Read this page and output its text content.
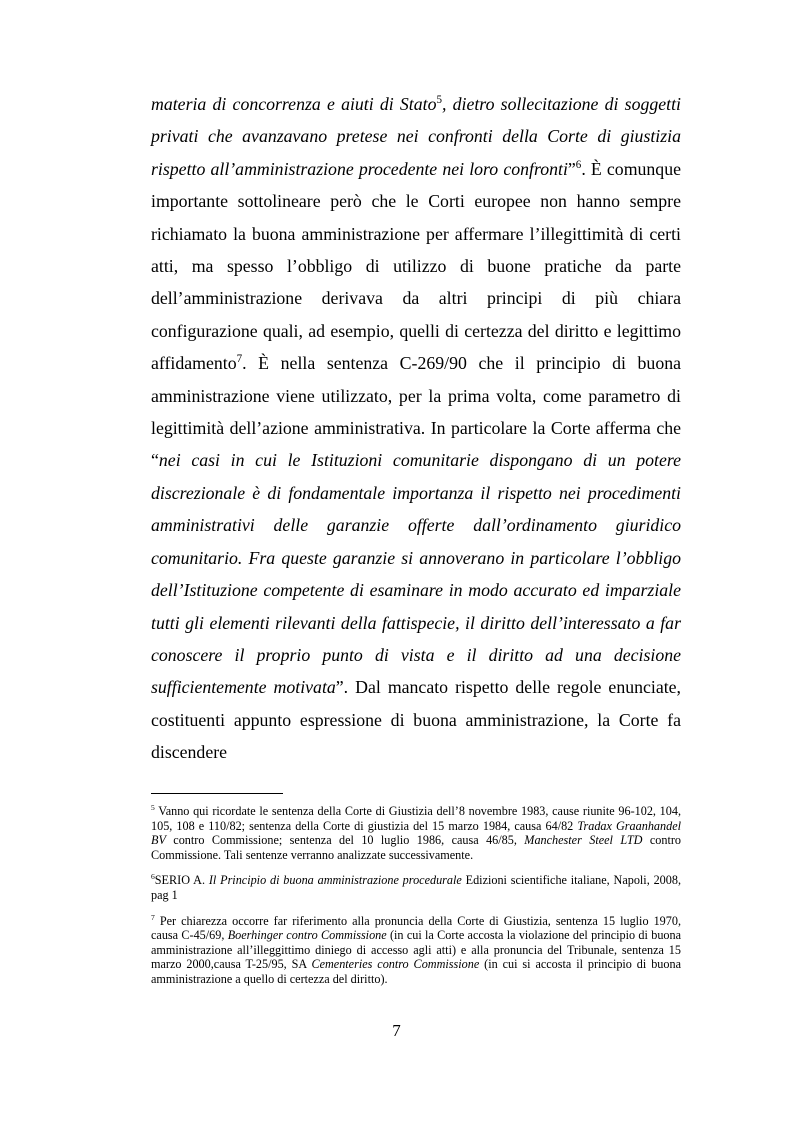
materia di concorrenza e aiuti di Stato$^5$, dietro sollecitazione di soggetti privati che avanzavano pretese nei confronti della Corte di giustizia rispetto all’amministrazione procedente nei loro confronti”$^6$. È comunque importante sottolineare però che le Corti europee non hanno sempre richiamato la buona amministrazione per affermare l’illegittimità di certi atti, ma spesso l’obbligo di utilizzo di buone pratiche da parte dell’amministrazione derivava da altri principi di più chiara configurazione quali, ad esempio, quelli di certezza del diritto e legittimo affidamento$^7$. È nella sentenza C-269/90 che il principio di buona amministrazione viene utilizzato, per la prima volta, come parametro di legittimità dell’azione amministrativa. In particolare la Corte afferma che “nei casi in cui le Istituzioni comunitarie dispongano di un potere discrezionale è di fondamentale importanza il rispetto nei procedimenti amministrativi delle garanzie offerte dall’ordinamento giuridico comunitario. Fra queste garanzie si annoverano in particolare l’obbligo dell’Istituzione competente di esaminare in modo accurato ed imparziale tutti gli elementi rilevanti della fattispecie, il diritto dell’interessato a far conoscere il proprio punto di vista e il diritto ad una decisione sufficientemente motivata”. Dal mancato rispetto delle regole enunciate, costituenti appunto espressione di buona amministrazione, la Corte fa discendere

$^5$ Vanno qui ricordate le sentenza della Corte di Giustizia dell’8 novembre 1983, cause riunite 96-102, 104, 105, 108 e 110/82; sentenza della Corte di giustizia del 15 marzo 1984, causa 64/82 Tradax Graanhandel BV contro Commissione; sentenza del 10 luglio 1986, causa 46/85, Manchester Steel LTD contro Commissione. Tali sentenze verranno analizzate successivamente.

$^6$SERIO A. Il Principio di buona amministrazione procedurale Edizioni scientifiche italiane, Napoli, 2008, pag 1

$^7$ Per chiarezza occorre far riferimento alla pronuncia della Corte di Giustizia, sentenza 15 luglio 1970, causa C-45/69, Boerhinger contro Commissione (in cui la Corte accosta la violazione del principio di buona amministrazione all’illeggittimo diniego di accesso agli atti) e alla pronuncia del Tribunale, sentenza 15 marzo 2000,causa T-25/95, SA Cementeries contro Commissione (in cui si accosta il principio di buona amministrazione a quello di certezza del diritto).

7
